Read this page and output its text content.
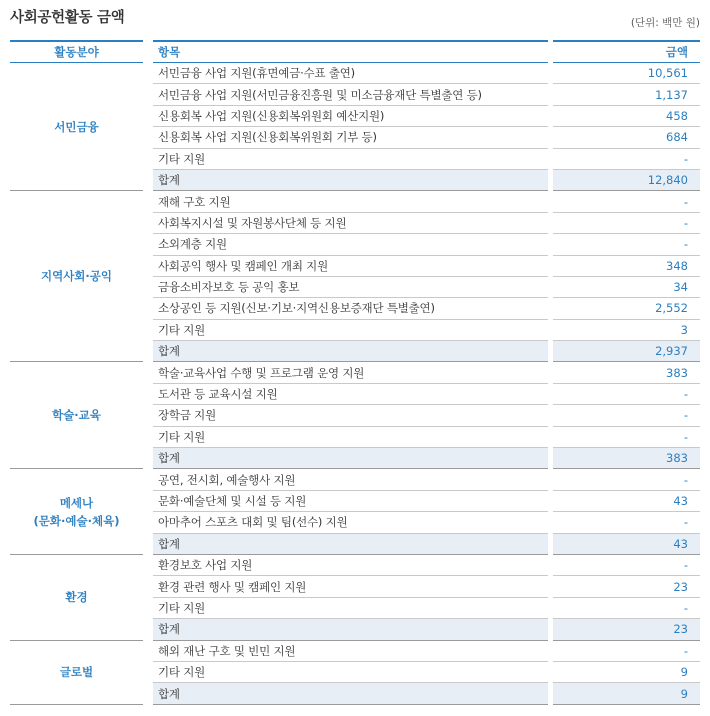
사회공헌활동 금액	(단위: 백만 원)
활동분야		항목		금액
서민금융		서민금융 사업 지원(휴면예금·수표 출연)		10,561
		서민금융 사업 지원(서민금융진흥원 및 미소금융재단 특별출연 등)		1,137
		신용회복 사업 지원(신용회복위원회 예산지원)		458
		신용회복 사업 지원(신용회복위원회 기부 등)		684
		기타 지원		-
		합계		12,840
지역사회·공익		재해 구호 지원		-
		사회복지시설 및 자원봉사단체 등 지원		-
		소외계층 지원		-
		사회공익 행사 및 캠페인 개최 지원		348
		금융소비자보호 등 공익 홍보		34
		소상공인 등 지원(신보·기보·지역신용보증재단 특별출연)		2,552
		기타 지원		3
		합계		2,937
학술·교육		학술·교육사업 수행 및 프로그램 운영 지원		383
		도서관 등 교육시설 지원		-
		장학금 지원		-
		기타 지원		-
		합계		383
메세나
(문화·예술·체육)		공연, 전시회, 예술행사 지원		-
		문화·예술단체 및 시설 등 지원		43
		아마추어 스포츠 대회 및 팀(선수) 지원		-
		합계		43
환경		환경보호 사업 지원		-
		환경 관련 행사 및 캠페인 지원		23
		기타 지원		-
		합계		23
글로벌		해외 재난 구호 및 빈민 지원		-
		기타 지원		9
		합계		9
